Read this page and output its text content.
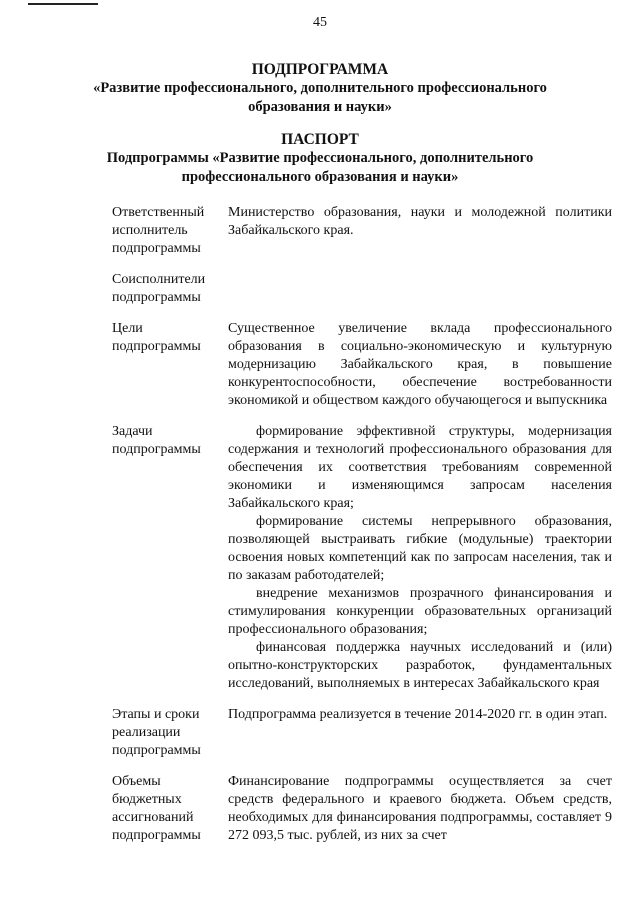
45
ПОДПРОГРАММА
«Развитие профессионального, дополнительного профессионального
образования и науки»
ПАСПОРТ
Подпрограммы «Развитие профессионального, дополнительного
профессионального образования и науки»
Ответственный
исполнитель
подпрограммы
Министерство образования, науки и молодежной политики Забайкальского края.
Соисполнители
подпрограммы
Цели
подпрограммы
Существенное увеличение вклада профессионального образования в социально-экономическую и культурную модернизацию Забайкальского края, в повышение конкурентоспособности, обеспечение востребованности экономикой и обществом каждого обучающегося и выпускника
Задачи
подпрограммы

формирование эффективной структуры, модернизация содержания и технологий профессионального образования для обеспечения их соответствия требованиям современной экономики и изменяющимся запросам населения Забайкальского края;

формирование системы непрерывного образования, позволяющей выстраивать гибкие (модульные) траектории освоения новых компетенций как по запросам населения, так и по заказам работодателей;

внедрение механизмов прозрачного финансирования и стимулирования конкуренции образовательных организаций профессионального образования;

финансовая поддержка научных исследований и (или) опытно-конструкторских разработок, фундаментальных исследований, выполняемых в интересах Забайкальского края

Этапы и сроки
реализации
подпрограммы
Подпрограмма реализуется в течение 2014-2020 гг. в один этап.
Объемы
бюджетных
ассигнований
подпрограммы
Финансирование подпрограммы осуществляется за счет средств федерального и краевого бюджета. Объем средств, необходимых для финансирования подпрограммы, составляет 9 272 093,5 тыс. рублей, из них за счет
